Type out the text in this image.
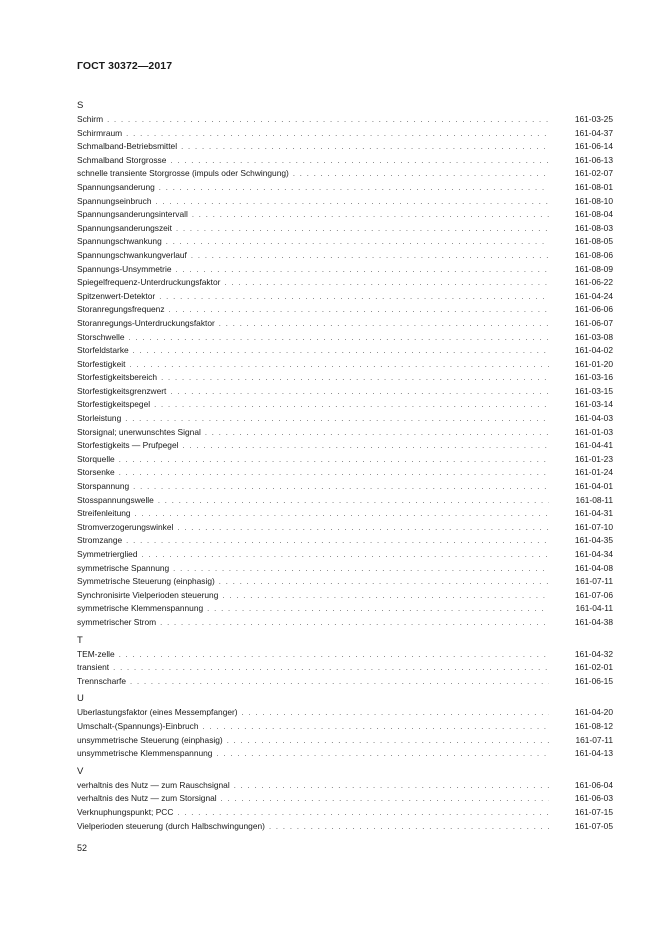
ГОСТ 30372—2017
S
Schirm . . .	161-03-25
Schirmraum . . .	161-04-37
Schmalband-Betriebsmittel . . .	161-06-14
Schmalband Storgrosse . . .	161-06-13
schnelle transiente Storgrosse (impuls oder Schwingung) . . .	161-02-07
Spannungsanderung . . .	161-08-01
Spannungseinbruch . . .	161-08-10
Spannungsanderungsintervall . . .	161-08-04
Spannungsanderungszeit . . .	161-08-03
Spannungschwankung . . .	161-08-05
Spannungschwankungverlauf . . .	161-08-06
Spannungs-Unsymmetrie . . .	161-08-09
Spiegelfrequenz-Unterdruckungsfaktor . . .	161-06-22
Spitzenwert-Detektor . . .	161-04-24
Storanregungsfrequenz . . .	161-06-06
Storanregungs-Unterdruckungsfaktor . . .	161-06-07
Storschwelle . . .	161-03-08
Storfeldstarke . . .	161-04-02
Storfestigkeit . . .	161-01-20
Storfestigkeitsbereich . . .	161-03-16
Storfestigkeitsgrenzwert . . .	161-03-15
Storfestigkeitspegel . . .	161-03-14
Storleistung . . .	161-04-03
Storsignal; unerwunschtes Signal . . .	161-01-03
Storfestigkeits — Prufpegel . . .	161-04-41
Storquelle . . .	161-01-23
Storsenke . . .	161-01-24
Storspannung . . .	161-04-01
Stosspannungswelle . . .	161-08-11
Streifenleitung . . .	161-04-31
Stromverzogerungswinkel . . .	161-07-10
Stromzange . . .	161-04-35
Symmetrierglied . . .	161-04-34
symmetrische Spannung . . .	161-04-08
Symmetrische Steuerung (einphasig) . . .	161-07-11
Synchronisirte Vielperioden steuerung . . .	161-07-06
symmetrische Klemmenspannung . . .	161-04-11
symmetrischer Strom . . .	161-04-38
T
TEM-zelle . . .	161-04-32
transient . . .	161-02-01
Trennscharfe . . .	161-06-15
U
Uberlastungsfaktor (eines Messempfanger) . . .	161-04-20
Umschalt-(Spannungs)-Einbruch . . .	161-08-12
unsymmetrische Steuerung (einphasig) . . .	161-07-11
unsymmetrische Klemmenspannung . . .	161-04-13
V
verhaltnis des Nutz — zum Rauschsignal . . .	161-06-04
verhaltnis des Nutz — zum Storsignal . . .	161-06-03
Verknuphungspunkt; PCC . . .	161-07-15
Vielperioden steuerung (durch Halbschwingungen) . . .	161-07-05
52
